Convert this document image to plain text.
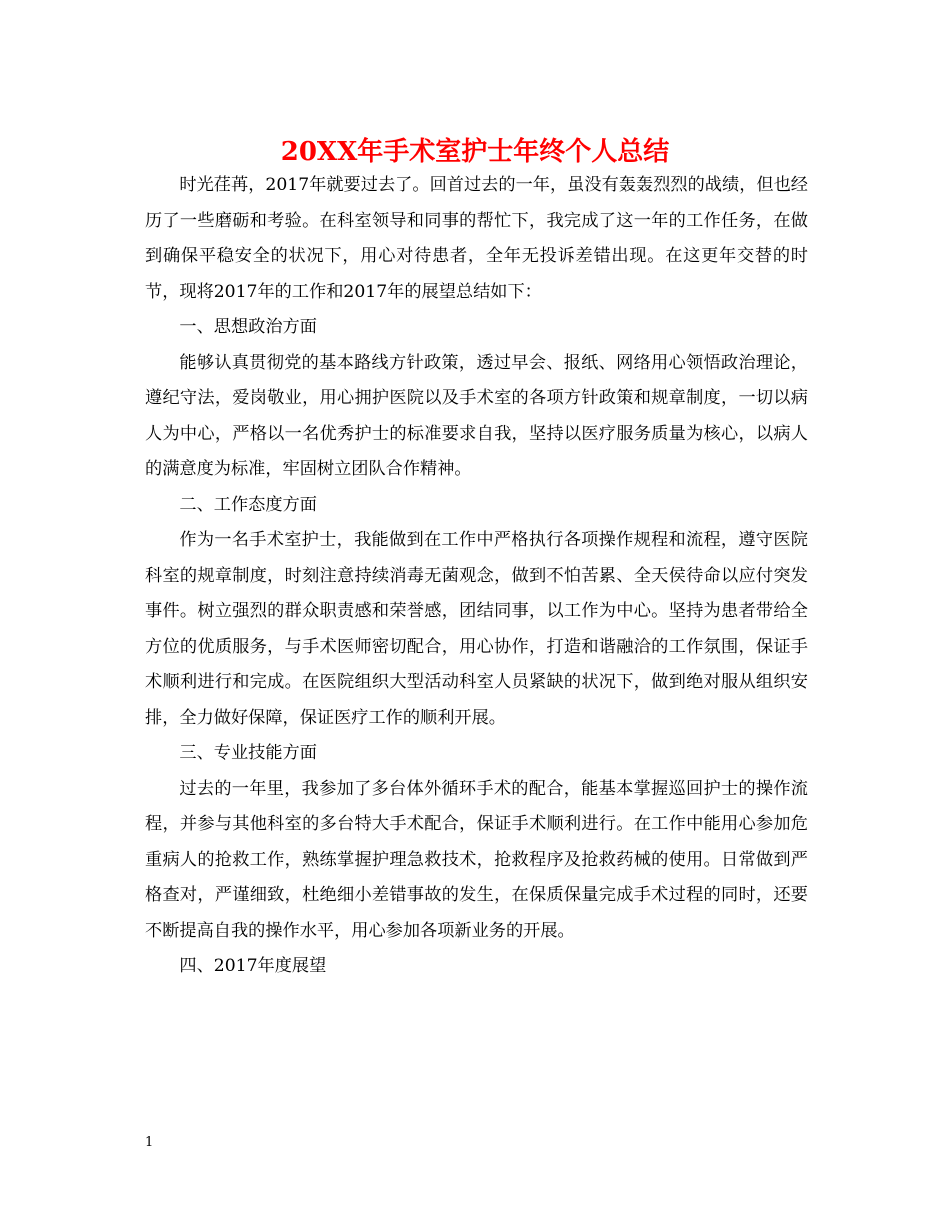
20XX年手术室护士年终个人总结

时光荏苒，2017年就要过去了。回首过去的一年，虽没有轰轰烈烈的战绩，但也经历了一些磨砺和考验。在科室领导和同事的帮忙下，我完成了这一年的工作任务，在做到确保平稳安全的状况下，用心对待患者，全年无投诉差错出现。在这更年交替的时节，现将2017年的工作和2017年的展望总结如下：

一、思想政治方面

能够认真贯彻党的基本路线方针政策，透过早会、报纸、网络用心领悟政治理论，遵纪守法，爱岗敬业，用心拥护医院以及手术室的各项方针政策和规章制度，一切以病人为中心，严格以一名优秀护士的标准要求自我，坚持以医疗服务质量为核心，以病人的满意度为标准，牢固树立团队合作精神。

二、工作态度方面

作为一名手术室护士，我能做到在工作中严格执行各项操作规程和流程，遵守医院科室的规章制度，时刻注意持续消毒无菌观念，做到不怕苦累、全天侯待命以应付突发事件。树立强烈的群众职责感和荣誉感，团结同事，以工作为中心。坚持为患者带给全方位的优质服务，与手术医师密切配合，用心协作，打造和谐融洽的工作氛围，保证手术顺利进行和完成。在医院组织大型活动科室人员紧缺的状况下，做到绝对服从组织安排，全力做好保障，保证医疗工作的顺利开展。

三、专业技能方面

过去的一年里，我参加了多台体外循环手术的配合，能基本掌握巡回护士的操作流程，并参与其他科室的多台特大手术配合，保证手术顺利进行。在工作中能用心参加危重病人的抢救工作，熟练掌握护理急救技术，抢救程序及抢救药械的使用。日常做到严格查对，严谨细致，杜绝细小差错事故的发生，在保质保量完成手术过程的同时，还要不断提高自我的操作水平，用心参加各项新业务的开展。

四、2017年度展望

1
